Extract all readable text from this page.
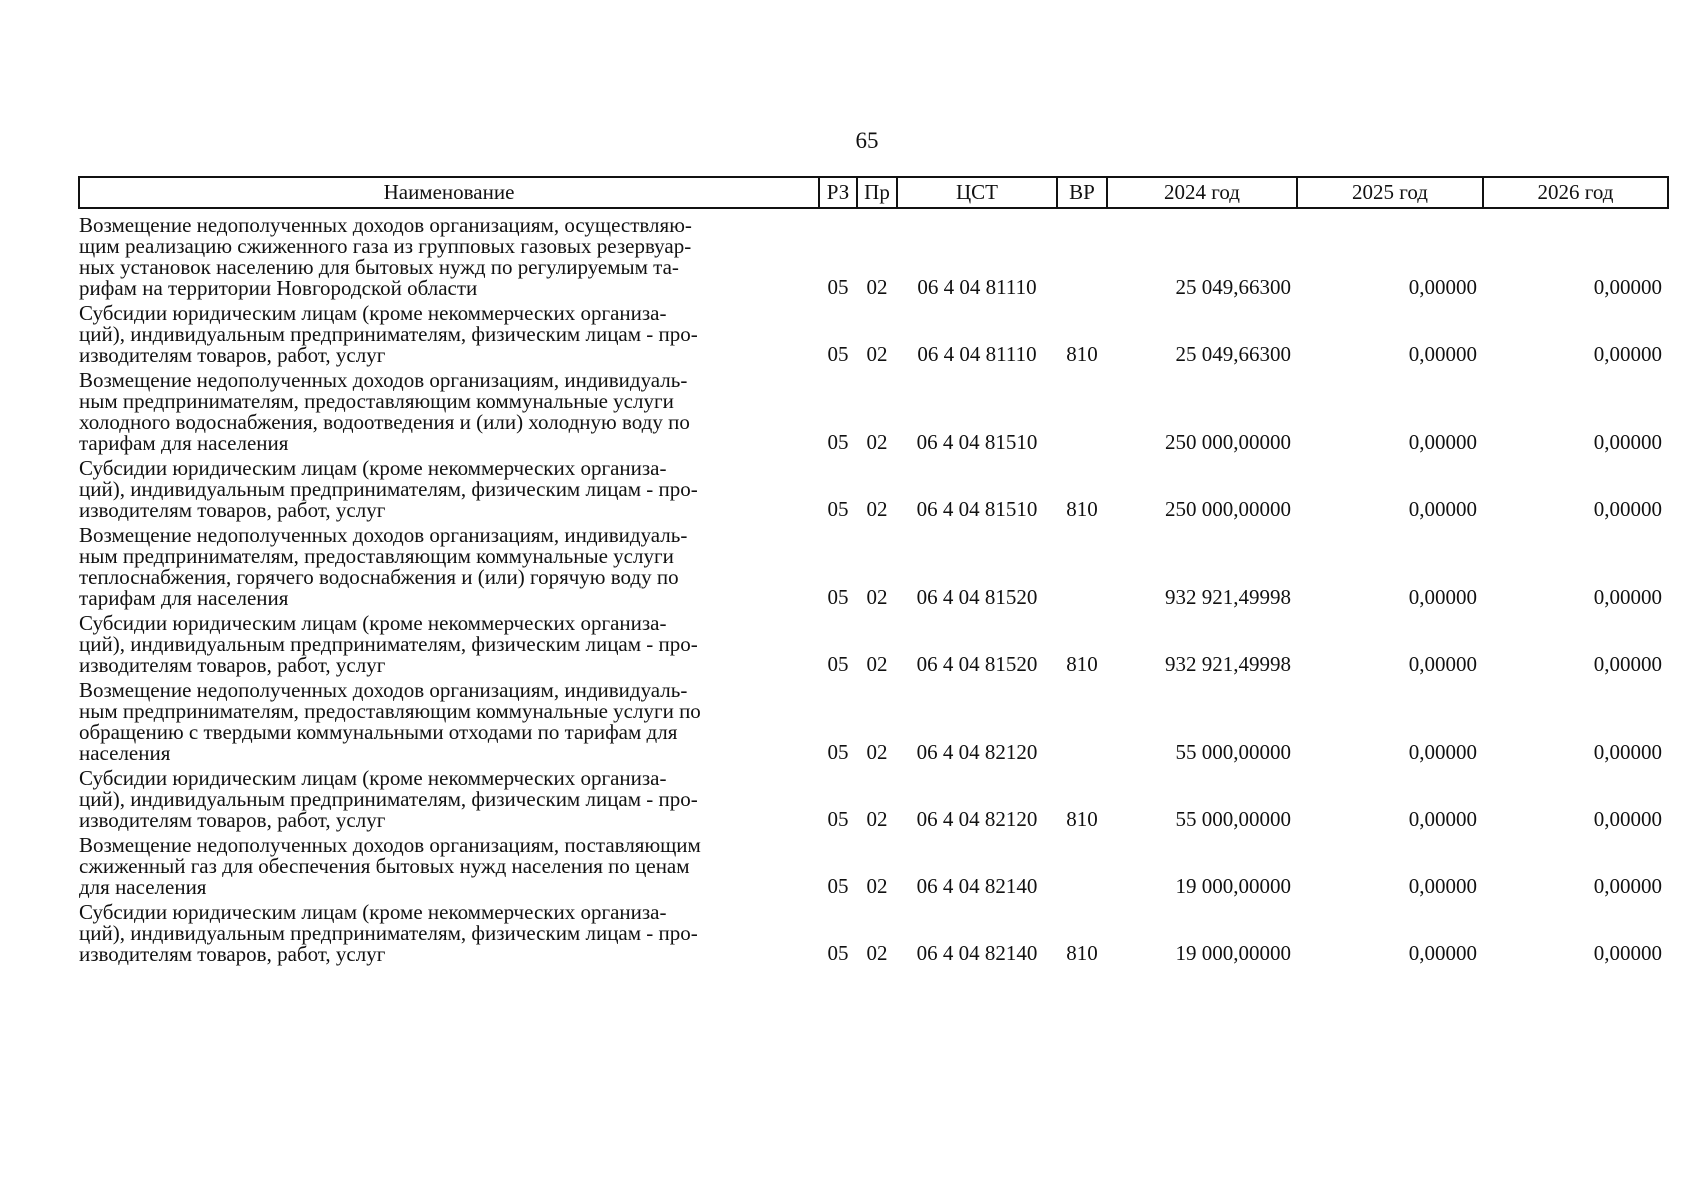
65
Наименование	РЗ	Пр	ЦСТ	ВР	2024 год	2025 год	2026 год

Возмещение недополученных доходов организациям, осуществляю-
щим реализацию сжиженного газа из групповых газовых резервуар-
ных установок населению для бытовых нужд по регулируемым та-
рифам на территории Новгородской области	05	02	06 4 04 81110		25 049,66300	0,00000	0,00000

Субсидии юридическим лицам (кроме некоммерческих организа-
ций), индивидуальным предпринимателям, физическим лицам - про-
изводителям товаров, работ, услуг	05	02	06 4 04 81110	810	25 049,66300	0,00000	0,00000

Возмещение недополученных доходов организациям, индивидуаль-
ным предпринимателям, предоставляющим коммунальные услуги
холодного водоснабжения, водоотведения и (или) холодную воду по
тарифам для населения	05	02	06 4 04 81510		250 000,00000	0,00000	0,00000

Субсидии юридическим лицам (кроме некоммерческих организа-
ций), индивидуальным предпринимателям, физическим лицам - про-
изводителям товаров, работ, услуг	05	02	06 4 04 81510	810	250 000,00000	0,00000	0,00000

Возмещение недополученных доходов организациям, индивидуаль-
ным предпринимателям, предоставляющим коммунальные услуги
теплоснабжения, горячего водоснабжения и (или) горячую воду по
тарифам для населения	05	02	06 4 04 81520		932 921,49998	0,00000	0,00000

Субсидии юридическим лицам (кроме некоммерческих организа-
ций), индивидуальным предпринимателям, физическим лицам - про-
изводителям товаров, работ, услуг	05	02	06 4 04 81520	810	932 921,49998	0,00000	0,00000

Возмещение недополученных доходов организациям, индивидуаль-
ным предпринимателям, предоставляющим коммунальные услуги по
обращению с твердыми коммунальными отходами по тарифам для
населения	05	02	06 4 04 82120		55 000,00000	0,00000	0,00000

Субсидии юридическим лицам (кроме некоммерческих организа-
ций), индивидуальным предпринимателям, физическим лицам - про-
изводителям товаров, работ, услуг	05	02	06 4 04 82120	810	55 000,00000	0,00000	0,00000

Возмещение недополученных доходов организациям, поставляющим
сжиженный газ для обеспечения бытовых нужд населения по ценам
для населения	05	02	06 4 04 82140		19 000,00000	0,00000	0,00000

Субсидии юридическим лицам (кроме некоммерческих организа-
ций), индивидуальным предпринимателям, физическим лицам - про-
изводителям товаров, работ, услуг	05	02	06 4 04 82140	810	19 000,00000	0,00000	0,00000
